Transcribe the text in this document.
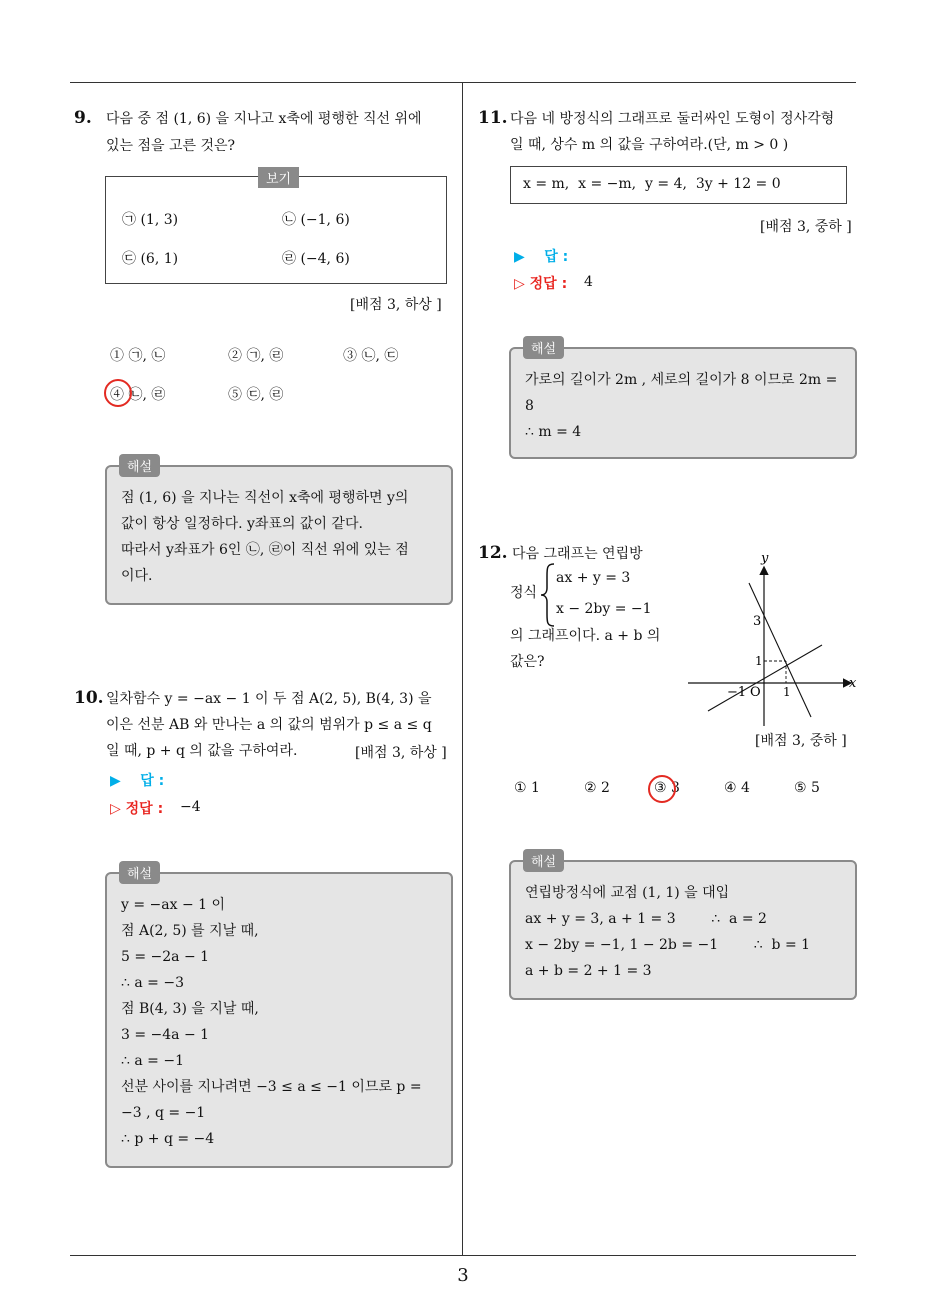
3
9. 다음 중 점 (1, 6) 을 지나고 x축에 평행한 직선 위에
있는 점을 고른 것은?
보기
㉠ (1, 3)	㉡ (−1, 6)
㉢ (6, 1)	㉣ (−4, 6)
[배점 3, 하상 ]
① ㉠, ㉡	② ㉠, ㉣	③ ㉡, ㉢
④ ㉡, ㉣	⑤ ㉢, ㉣
해설
점 (1, 6) 을 지나는 직선이 x축에 평행하면 y의
값이 항상 일정하다. y좌표의 값이 같다.
따라서 y좌표가 6인 ㉡, ㉣이 직선 위에 있는 점
이다.
10. 일차함수 y = −ax − 1 이 두 점 A(2, 5), B(4, 3) 을
이은 선분 AB 와 만나는 a 의 값의 범위가 p ≤ a ≤ q
일 때, p + q 의 값을 구하여라.	[배점 3, 하상 ]
▶    답 :
▷ 정답 : −4
해설
y = −ax − 1 이
점 A(2, 5) 를 지날 때,
5 = −2a − 1
∴ a = −3
점 B(4, 3) 을 지날 때,
3 = −4a − 1
∴ a = −1
선분 사이를 지나려면 −3 ≤ a ≤ −1 이므로 p =
−3 , q = −1
∴ p + q = −4
11. 다음 네 방정식의 그래프로 둘러싸인 도형이 정사각형
일 때, 상수 m 의 값을 구하여라.(단, m > 0 )
x = m,  x = −m,  y = 4,  3y + 12 = 0
[배점 3, 중하 ]
▶    답 :
▷ 정답 : 4
해설
가로의 길이가 2m , 세로의 길이가 8 이므로 2m =
8
∴ m = 4
12. 다음 그래프는 연립방
정식
ax + y = 3
x − 2by = −1
의 그래프이다. a + b 의
값은?
x
y
3
1
−1 O 1
[배점 3, 중하 ]
① 1	② 2	③ 3	④ 4	⑤ 5
해설
연립방정식에 교점 (1, 1) 을 대입
ax + y = 3, a + 1 = 3        ∴  a = 2
x − 2by = −1, 1 − 2b = −1        ∴  b = 1
a + b = 2 + 1 = 3
